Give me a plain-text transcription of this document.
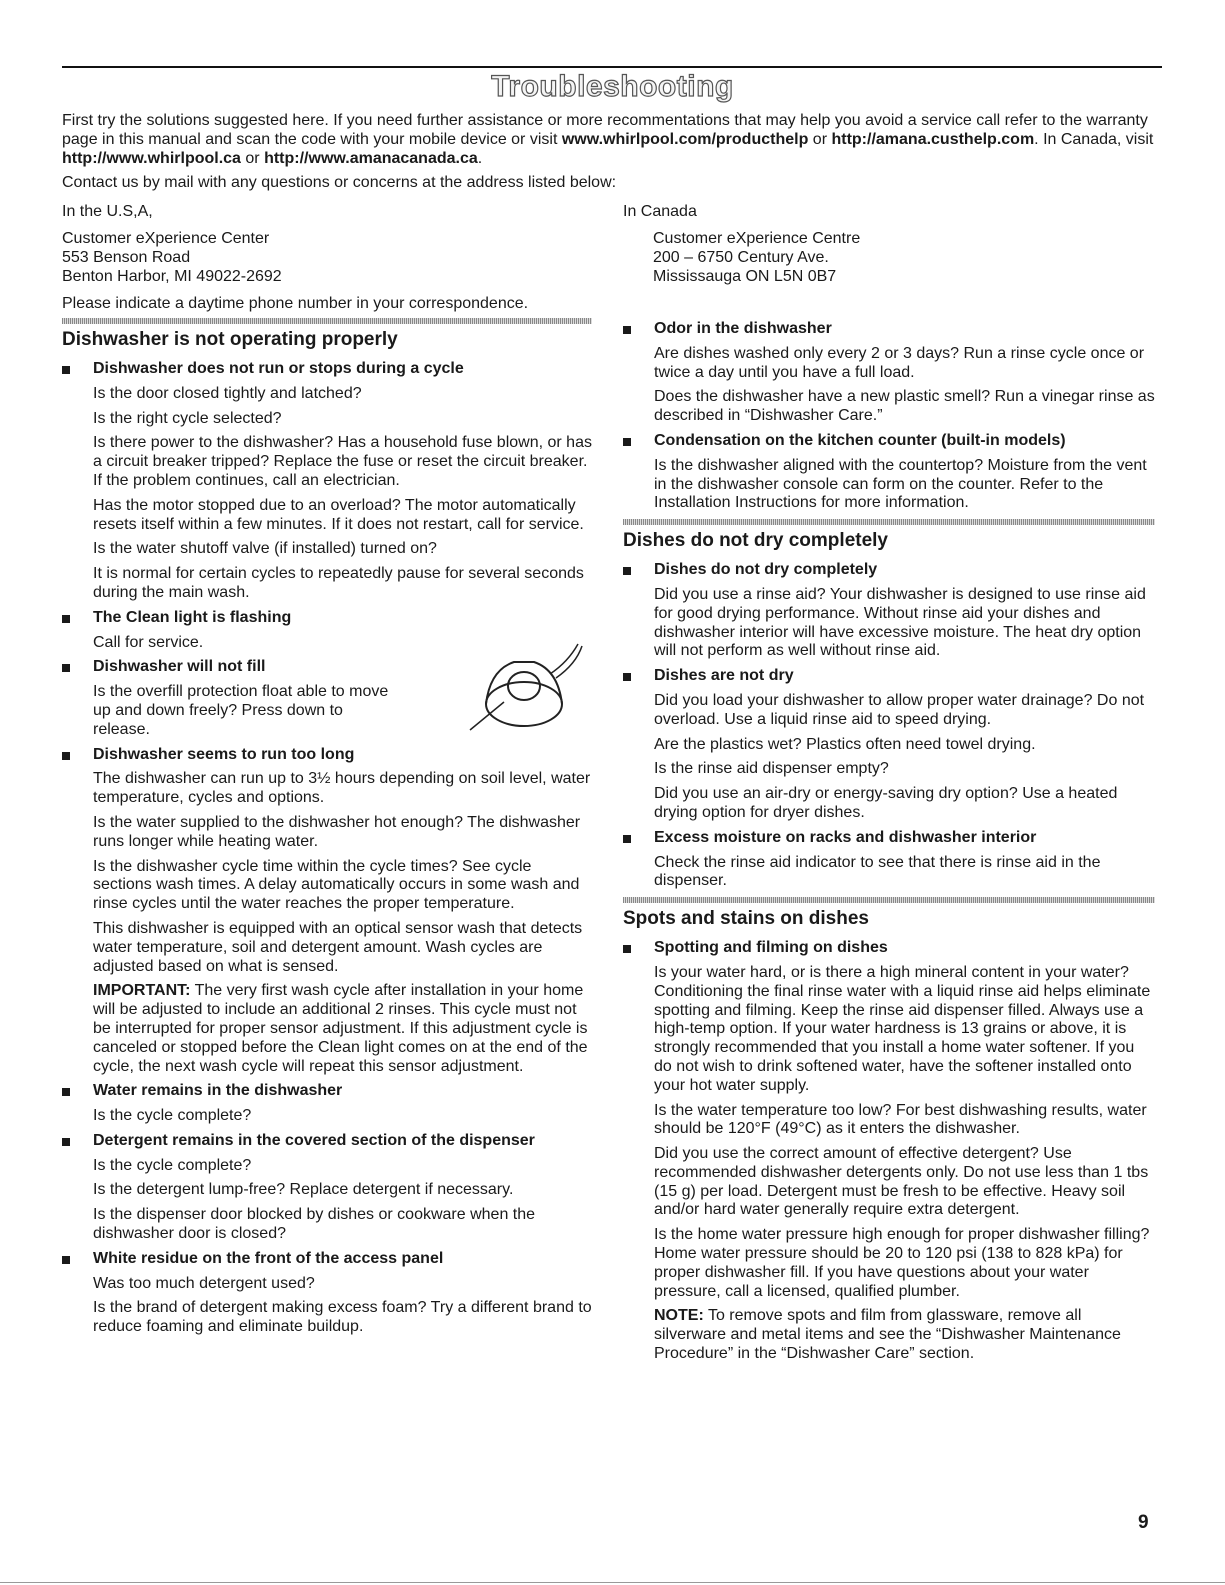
Troubleshooting

First try the solutions suggested here. If you need further assistance or more recommentations that may help you avoid a service call refer to the warranty page in this manual and scan the code with your mobile device or visit www.whirlpool.com/producthelp or http://amana.custhelp.com. In Canada, visit http://www.whirlpool.ca or http://www.amanacanada.ca.

Contact us by mail with any questions or concerns at the address listed below:

In the U.S,A,
Customer eXperience Center
553 Benson Road
Benton Harbor, MI 49022-2692
Please indicate a daytime phone number in your correspondence.
In Canada
Customer eXperience Centre
200 – 6750 Century Ave.
Mississauga ON L5N 0B7
Dishwasher is not operating properly
Dishwasher does not run or stops during a cycle

Is the door closed tightly and latched?

Is the right cycle selected?

Is there power to the dishwasher? Has a household fuse blown, or has a circuit breaker tripped? Replace the fuse or reset the circuit breaker. If the problem continues, call an electrician.

Has the motor stopped due to an overload? The motor automatically resets itself within a few minutes. If it does not restart, call for service.

Is the water shutoff valve (if installed) turned on?

It is normal for certain cycles to repeatedly pause for several seconds during the main wash.

The Clean light is flashing

Call for service.

Dishwasher will not fill

Is the overfill protection float able to move up and down freely? Press down to release.

Dishwasher seems to run too long

The dishwasher can run up to 3½ hours depending on soil level, water temperature, cycles and options.

Is the water supplied to the dishwasher hot enough? The dishwasher runs longer while heating water.

Is the dishwasher cycle time within the cycle times? See cycle sections wash times. A delay automatically occurs in some wash and rinse cycles until the water reaches the proper temperature.

This dishwasher is equipped with an optical sensor wash that detects water temperature, soil and detergent amount. Wash cycles are adjusted based on what is sensed.

IMPORTANT: The very first wash cycle after installation in your home will be adjusted to include an additional 2 rinses. This cycle must not be interrupted for proper sensor adjustment. If this adjustment cycle is canceled or stopped before the Clean light comes on at the end of the cycle, the next wash cycle will repeat this sensor adjustment.

Water remains in the dishwasher

Is the cycle complete?

Detergent remains in the covered section of the dispenser

Is the cycle complete?

Is the detergent lump-free? Replace detergent if necessary.

Is the dispenser door blocked by dishes or cookware when the dishwasher door is closed?

White residue on the front of the access panel

Was too much detergent used?

Is the brand of detergent making excess foam? Try a different brand to reduce foaming and eliminate buildup.

Odor in the dishwasher

Are dishes washed only every 2 or 3 days? Run a rinse cycle once or twice a day until you have a full load.

Does the dishwasher have a new plastic smell? Run a vinegar rinse as described in “Dishwasher Care.”

Condensation on the kitchen counter (built-in models)

Is the dishwasher aligned with the countertop? Moisture from the vent in the dishwasher console can form on the counter. Refer to the Installation Instructions for more information.

Dishes do not dry completely
Dishes do not dry completely

Did you use a rinse aid? Your dishwasher is designed to use rinse aid for good drying performance. Without rinse aid your dishes and dishwasher interior will have excessive moisture. The heat dry option will not perform as well without rinse aid.

Dishes are not dry

Did you load your dishwasher to allow proper water drainage? Do not overload. Use a liquid rinse aid to speed drying.

Are the plastics wet? Plastics often need towel drying.

Is the rinse aid dispenser empty?

Did you use an air-dry or energy-saving dry option? Use a heated drying option for dryer dishes.

Excess moisture on racks and dishwasher interior

Check the rinse aid indicator to see that there is rinse aid in the dispenser.

Spots and stains on dishes
Spotting and filming on dishes

Is your water hard, or is there a high mineral content in your water? Conditioning the final rinse water with a liquid rinse aid helps eliminate spotting and filming. Keep the rinse aid dispenser filled. Always use a high-temp option. If your water hardness is 13 grains or above, it is strongly recommended that you install a home water softener. If you do not wish to drink softened water, have the softener installed onto your hot water supply.

Is the water temperature too low? For best dishwashing results, water should be 120°F (49°C) as it enters the dishwasher.

Did you use the correct amount of effective detergent? Use recommended dishwasher detergents only. Do not use less than 1 tbs (15 g) per load. Detergent must be fresh to be effective. Heavy soil and/or hard water generally require extra detergent.

Is the home water pressure high enough for proper dishwasher filling? Home water pressure should be 20 to 120 psi (138 to 828 kPa) for proper dishwasher fill. If you have questions about your water pressure, call a licensed, qualified plumber.

NOTE: To remove spots and film from glassware, remove all silverware and metal items and see the “Dishwasher Maintenance Procedure” in the “Dishwasher Care” section.

9
